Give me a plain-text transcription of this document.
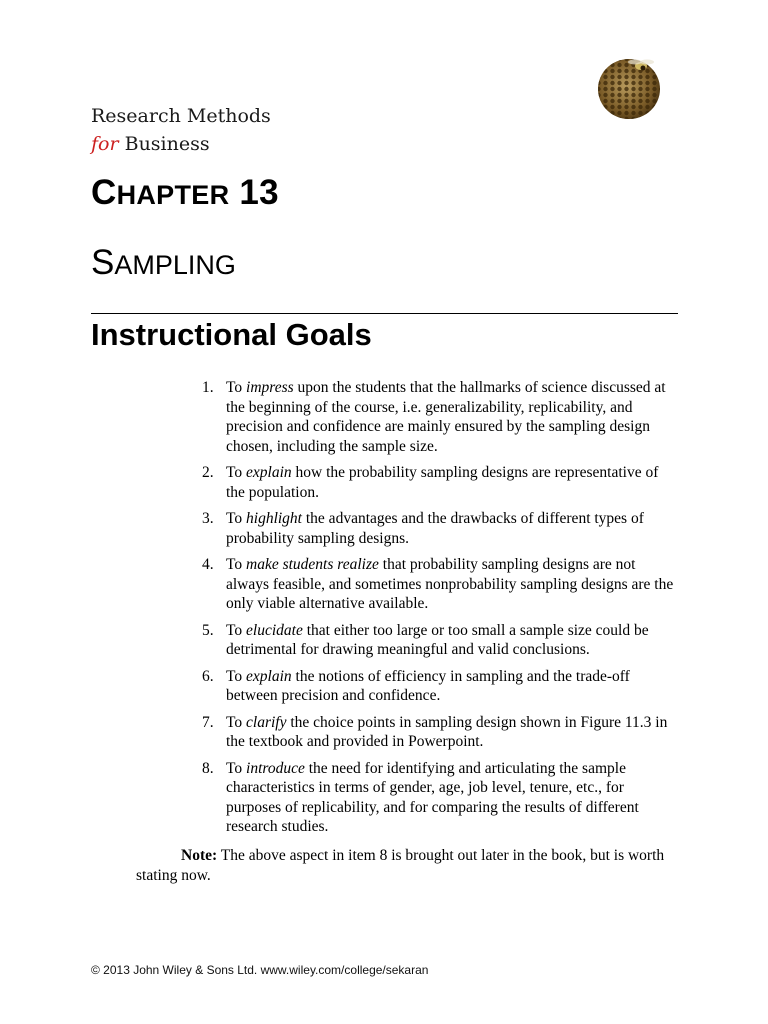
Research Methods
for Business

CHAPTER 13
SAMPLING
Instructional Goals
1. To impress upon the students that the hallmarks of science discussed at the beginning of the course, i.e. generalizability, replicability, and precision and confidence are mainly ensured by the sampling design chosen, including the sample size.
2. To explain how the probability sampling designs are representative of the population.
3. To highlight the advantages and the drawbacks of different types of probability sampling designs.
4. To make students realize that probability sampling designs are not always feasible, and sometimes nonprobability sampling designs are the only viable alternative available.
5. To elucidate that either too large or too small a sample size could be detrimental for drawing meaningful and valid conclusions.
6. To explain the notions of efficiency in sampling and the trade-off between precision and confidence.
7. To clarify the choice points in sampling design shown in Figure 11.3 in the textbook and provided in Powerpoint.
8. To introduce the need for identifying and articulating the sample characteristics in terms of gender, age, job level, tenure, etc., for purposes of replicability, and for comparing the results of different research studies.

Note: The above aspect in item 8 is brought out later in the book, but is worth stating now.

© 2013 John Wiley & Sons Ltd. www.wiley.com/college/sekaran
